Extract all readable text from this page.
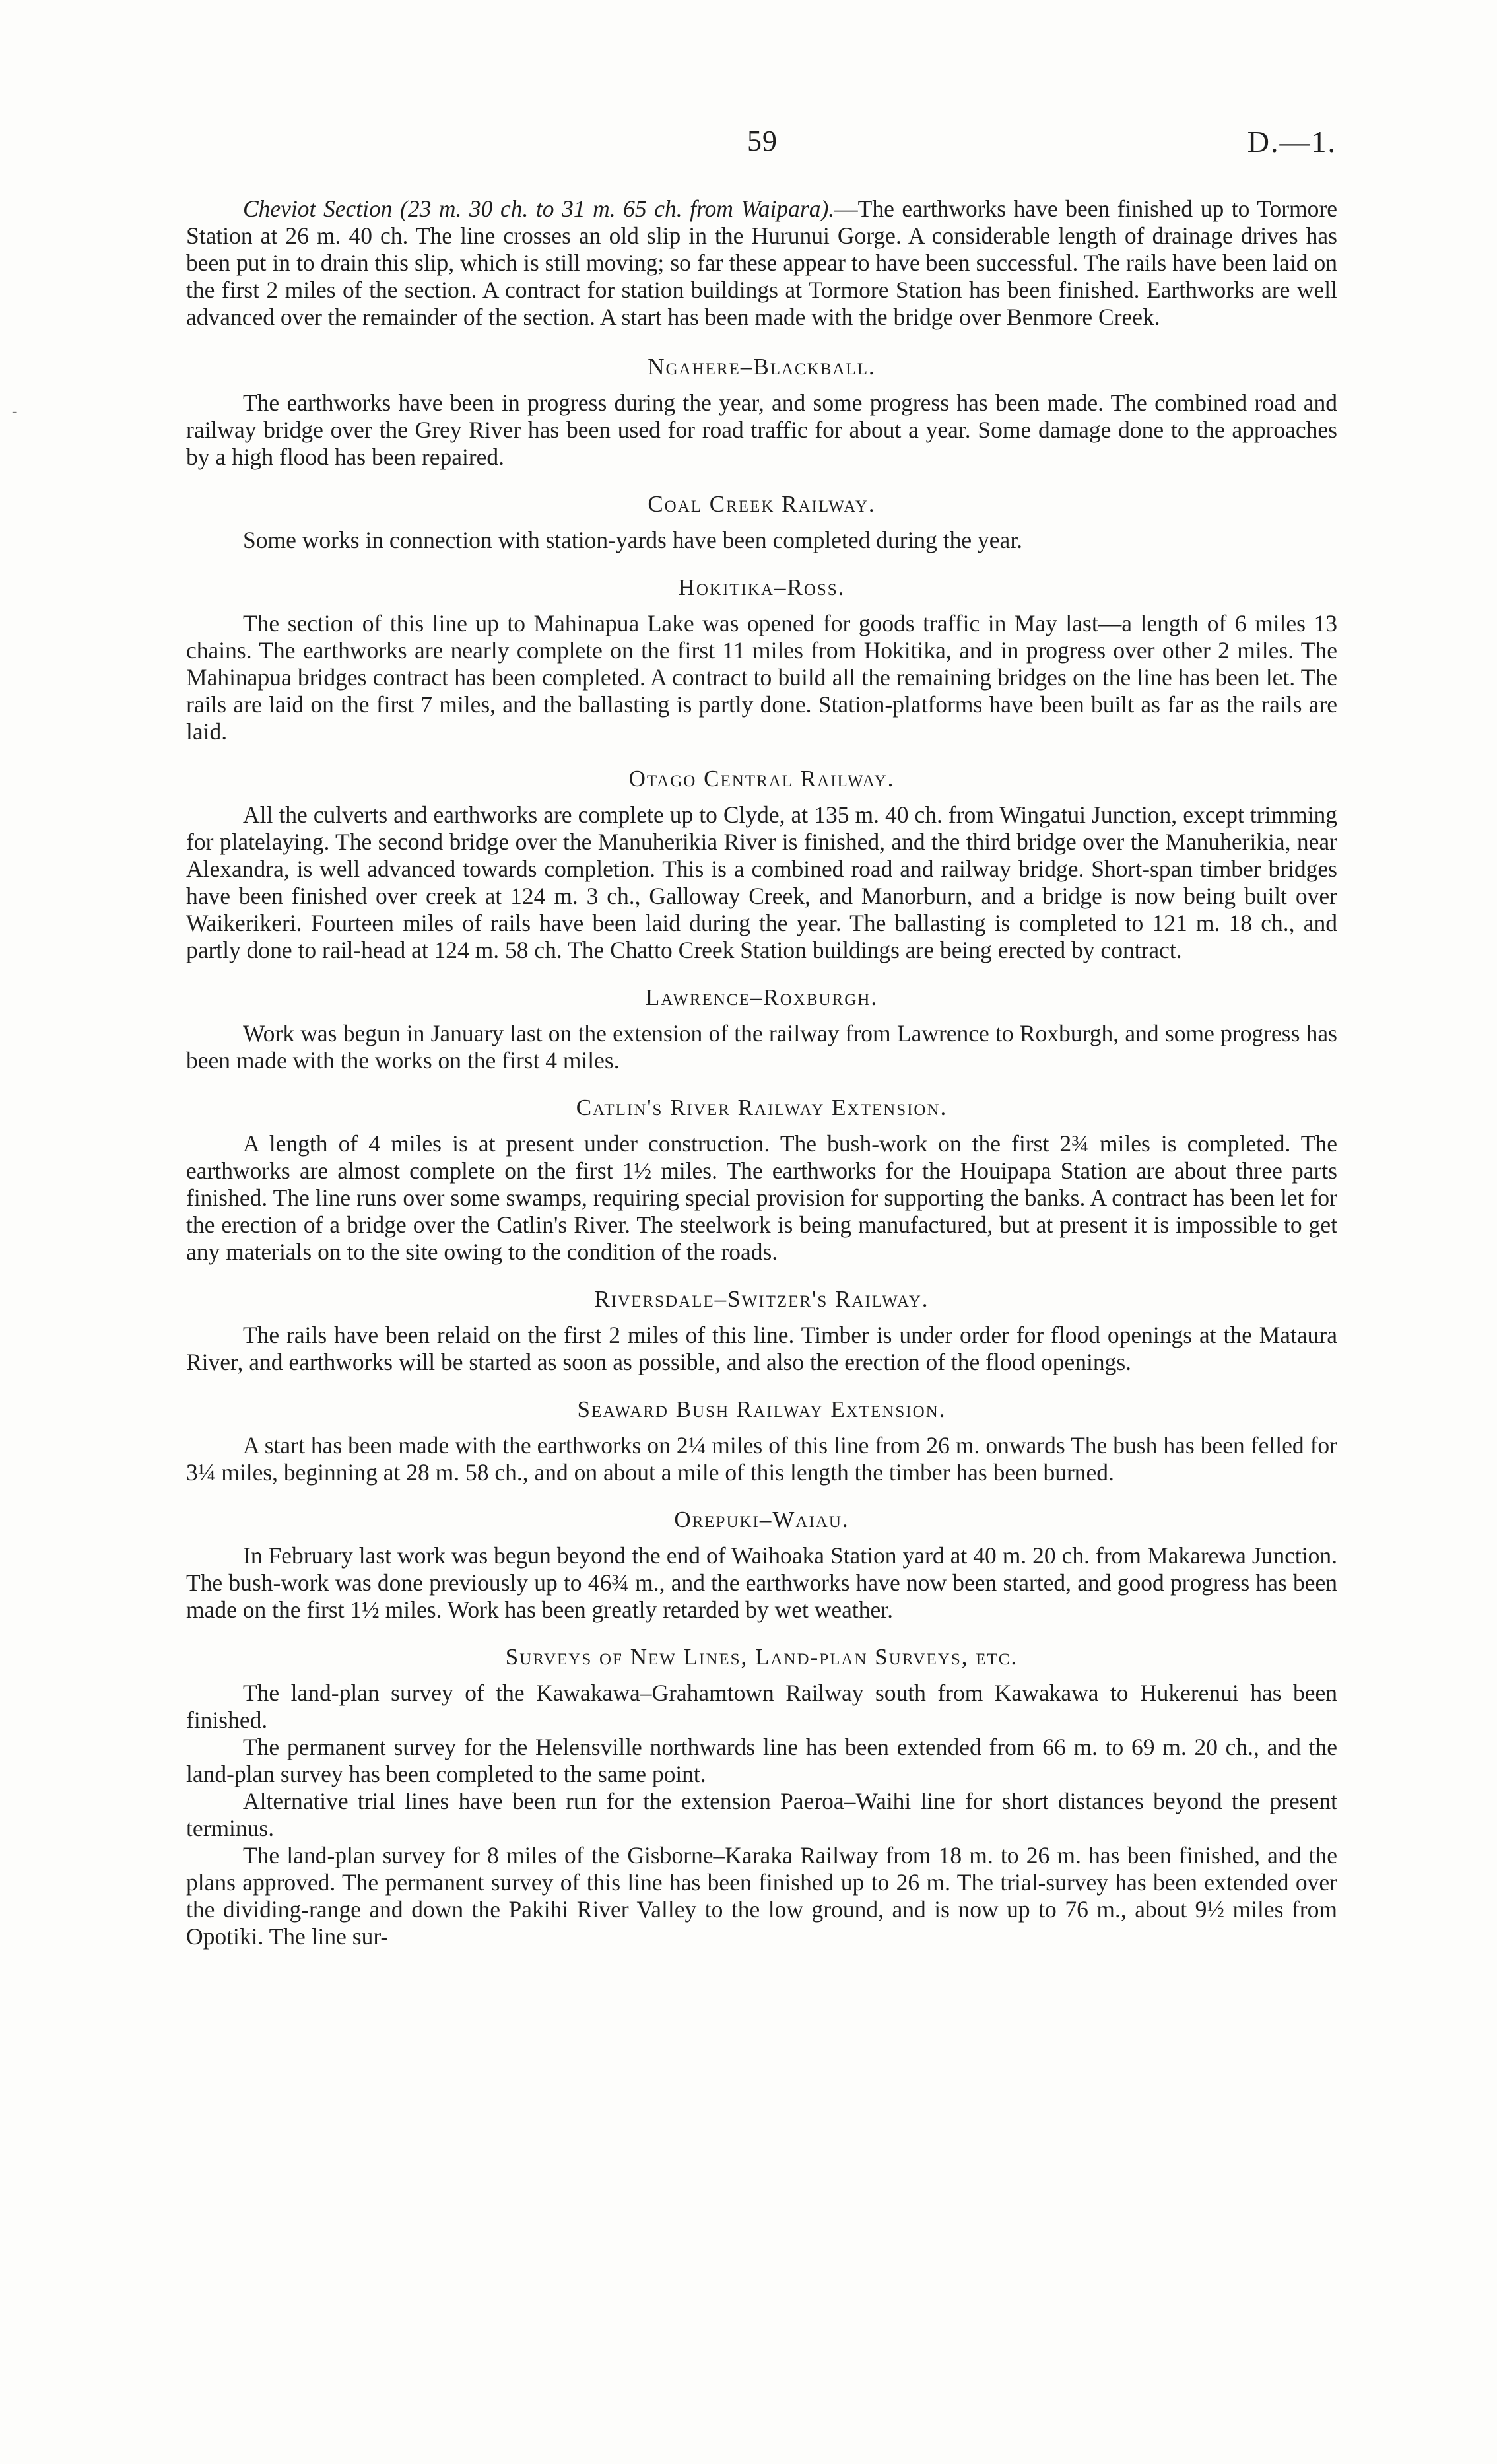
59	D.—1.
-

Cheviot Section (23 m. 30 ch. to 31 m. 65 ch. from Waipara).—The earthworks have been finished up to Tormore Station at 26 m. 40 ch. The line crosses an old slip in the Hurunui Gorge. A considerable length of drainage drives has been put in to drain this slip, which is still moving; so far these appear to have been successful. The rails have been laid on the first 2 miles of the section. A contract for station buildings at Tormore Station has been finished. Earthworks are well advanced over the remainder of the section. A start has been made with the bridge over Benmore Creek.

Ngahere–Blackball.

The earthworks have been in progress during the year, and some progress has been made. The combined road and railway bridge over the Grey River has been used for road traffic for about a year. Some damage done to the approaches by a high flood has been repaired.

Coal Creek Railway.

Some works in connection with station-yards have been completed during the year.

Hokitika–Ross.

The section of this line up to Mahinapua Lake was opened for goods traffic in May last—a length of 6 miles 13 chains. The earthworks are nearly complete on the first 11 miles from Hokitika, and in progress over other 2 miles. The Mahinapua bridges contract has been completed. A contract to build all the remaining bridges on the line has been let. The rails are laid on the first 7 miles, and the ballasting is partly done. Station-platforms have been built as far as the rails are laid.

Otago Central Railway.

All the culverts and earthworks are complete up to Clyde, at 135 m. 40 ch. from Wingatui Junction, except trimming for platelaying. The second bridge over the Manuherikia River is finished, and the third bridge over the Manuherikia, near Alexandra, is well advanced towards completion. This is a combined road and railway bridge. Short-span timber bridges have been finished over creek at 124 m. 3 ch., Galloway Creek, and Manorburn, and a bridge is now being built over Waikerikeri. Fourteen miles of rails have been laid during the year. The ballasting is completed to 121 m. 18 ch., and partly done to rail-head at 124 m. 58 ch. The Chatto Creek Station buildings are being erected by contract.

Lawrence–Roxburgh.

Work was begun in January last on the extension of the railway from Lawrence to Roxburgh, and some progress has been made with the works on the first 4 miles.

Catlin's River Railway Extension.

A length of 4 miles is at present under construction. The bush-work on the first 2¾ miles is completed. The earthworks are almost complete on the first 1½ miles. The earthworks for the Houipapa Station are about three parts finished. The line runs over some swamps, requiring special provision for supporting the banks. A contract has been let for the erection of a bridge over the Catlin's River. The steelwork is being manufactured, but at present it is impossible to get any materials on to the site owing to the condition of the roads.

Riversdale–Switzer's Railway.

The rails have been relaid on the first 2 miles of this line. Timber is under order for flood openings at the Mataura River, and earthworks will be started as soon as possible, and also the erection of the flood openings.

Seaward Bush Railway Extension.

A start has been made with the earthworks on 2¼ miles of this line from 26 m. onwards The bush has been felled for 3¼ miles, beginning at 28 m. 58 ch., and on about a mile of this length the timber has been burned.

Orepuki–Waiau.

In February last work was begun beyond the end of Waihoaka Station yard at 40 m. 20 ch. from Makarewa Junction. The bush-work was done previously up to 46¾ m., and the earthworks have now been started, and good progress has been made on the first 1½ miles. Work has been greatly retarded by wet weather.

Surveys of New Lines, Land-plan Surveys, etc.

The land-plan survey of the Kawakawa–Grahamtown Railway south from Kawakawa to Hukerenui has been finished.

The permanent survey for the Helensville northwards line has been extended from 66 m. to 69 m. 20 ch., and the land-plan survey has been completed to the same point.

Alternative trial lines have been run for the extension Paeroa–Waihi line for short distances beyond the present terminus.

The land-plan survey for 8 miles of the Gisborne–Karaka Railway from 18 m. to 26 m. has been finished, and the plans approved. The permanent survey of this line has been finished up to 26 m. The trial-survey has been extended over the dividing-range and down the Pakihi River Valley to the low ground, and is now up to 76 m., about 9½ miles from Opotiki. The line sur-
